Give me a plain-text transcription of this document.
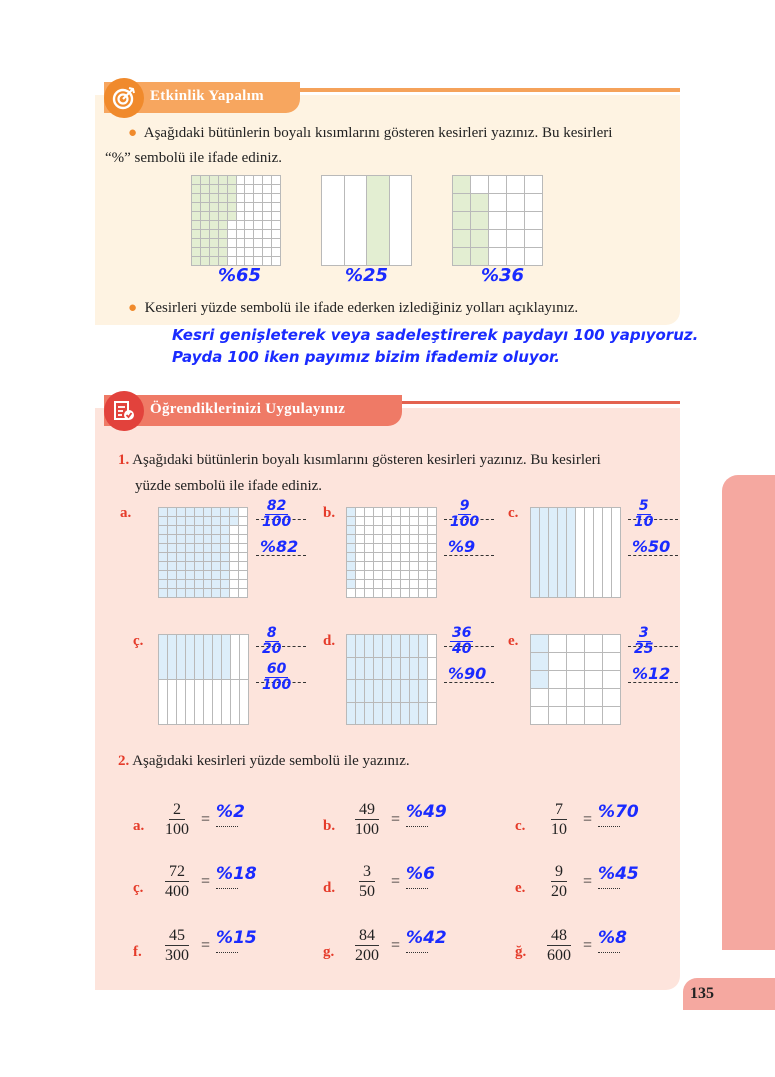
Etkinlik Yapalım
● Aşağıdaki bütünlerin boyalı kısımlarını gösteren kesirleri yazınız. Bu kesirleri
“%” sembolü ile ifade ediniz.
%65	%25	%36
● Kesirleri yüzde sembolü ile ifade ederken izlediğiniz yolları açıklayınız.
Kesri genişleterek veya sadeleştirerek paydayı 100 yapıyoruz.
Payda 100 iken payımız bizim ifademiz oluyor.
Öğrendiklerinizi Uygulayınız
1. Aşağıdaki bütünlerin boyalı kısımlarını gösteren kesirleri yazınız. Bu kesirleri
yüzde sembolü ile ifade ediniz.
a.	$\frac{82}{100}$
%82
b.	$\frac{9}{100}$
%9
c.	$\frac{5}{10}$
%50
ç.	$\frac{8}{20}$
$\frac{60}{100}$
d.	$\frac{36}{40}$
%90
e.	$\frac{3}{25}$
%12
2. Aşağıdaki kesirleri yüzde sembolü ile yazınız.
a. $\frac{2}{100} = \%2$
b. $\frac{49}{100} = \%49$
c. $\frac{7}{10} = \%70$
ç. $\frac{72}{400} = \%18$
d. $\frac{3}{50} = \%6$
e. $\frac{9}{20} = \%45$
f.	$\frac{45}{300} = \%15$
g. $\frac{84}{200} = \%42$
ğ. $\frac{48}{600} = \%8$
135
